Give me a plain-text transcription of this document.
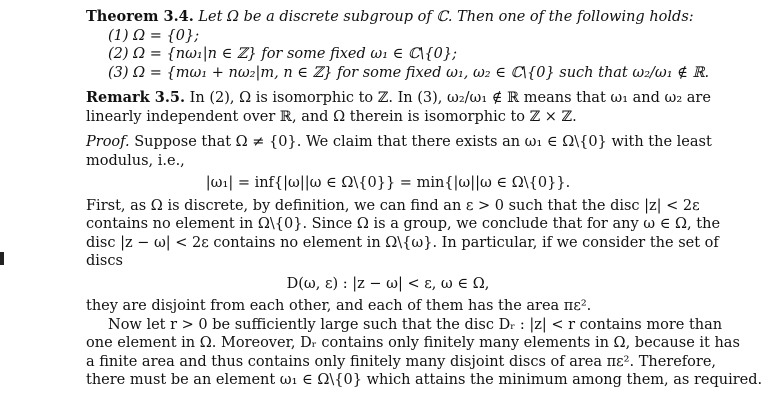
Theorem 3.4. Let Ω be a discrete subgroup of ℂ. Then one of the following holds:
(1) Ω = {0};
(2) Ω = {nω₁|n ∈ ℤ} for some fixed ω₁ ∈ ℂ\{0};
(3) Ω = {mω₁ + nω₂|m, n ∈ ℤ} for some fixed ω₁, ω₂ ∈ ℂ\{0} such that ω₂/ω₁ ∉ ℝ.
Remark 3.5. In (2), Ω is isomorphic to ℤ. In (3), ω₂/ω₁ ∉ ℝ means that ω₁ and ω₂ are
linearly independent over ℝ, and Ω therein is isomorphic to ℤ × ℤ.
Proof. Suppose that Ω ≠ {0}. We claim that there exists an ω₁ ∈ Ω\{0} with the least
modulus, i.e.,
|ω₁| = inf{|ω||ω ∈ Ω\{0}} = min{|ω||ω ∈ Ω\{0}}.
First, as Ω is discrete, by definition, we can find an ε > 0 such that the disc |z| < 2ε
contains no element in Ω\{0}. Since Ω is a group, we conclude that for any ω ∈ Ω, the
disc |z − ω| < 2ε contains no element in Ω\{ω}. In particular, if we consider the set of
discs
D(ω, ε) : |z − ω| < ε, ω ∈ Ω,
they are disjoint from each other, and each of them has the area πε².
Now let r > 0 be sufficiently large such that the disc Dᵣ : |z| < r contains more than
one element in Ω. Moreover, Dᵣ contains only finitely many elements in Ω, because it has
a finite area and thus contains only finitely many disjoint discs of area πε². Therefore,
there must be an element ω₁ ∈ Ω\{0} which attains the minimum among them, as required.
